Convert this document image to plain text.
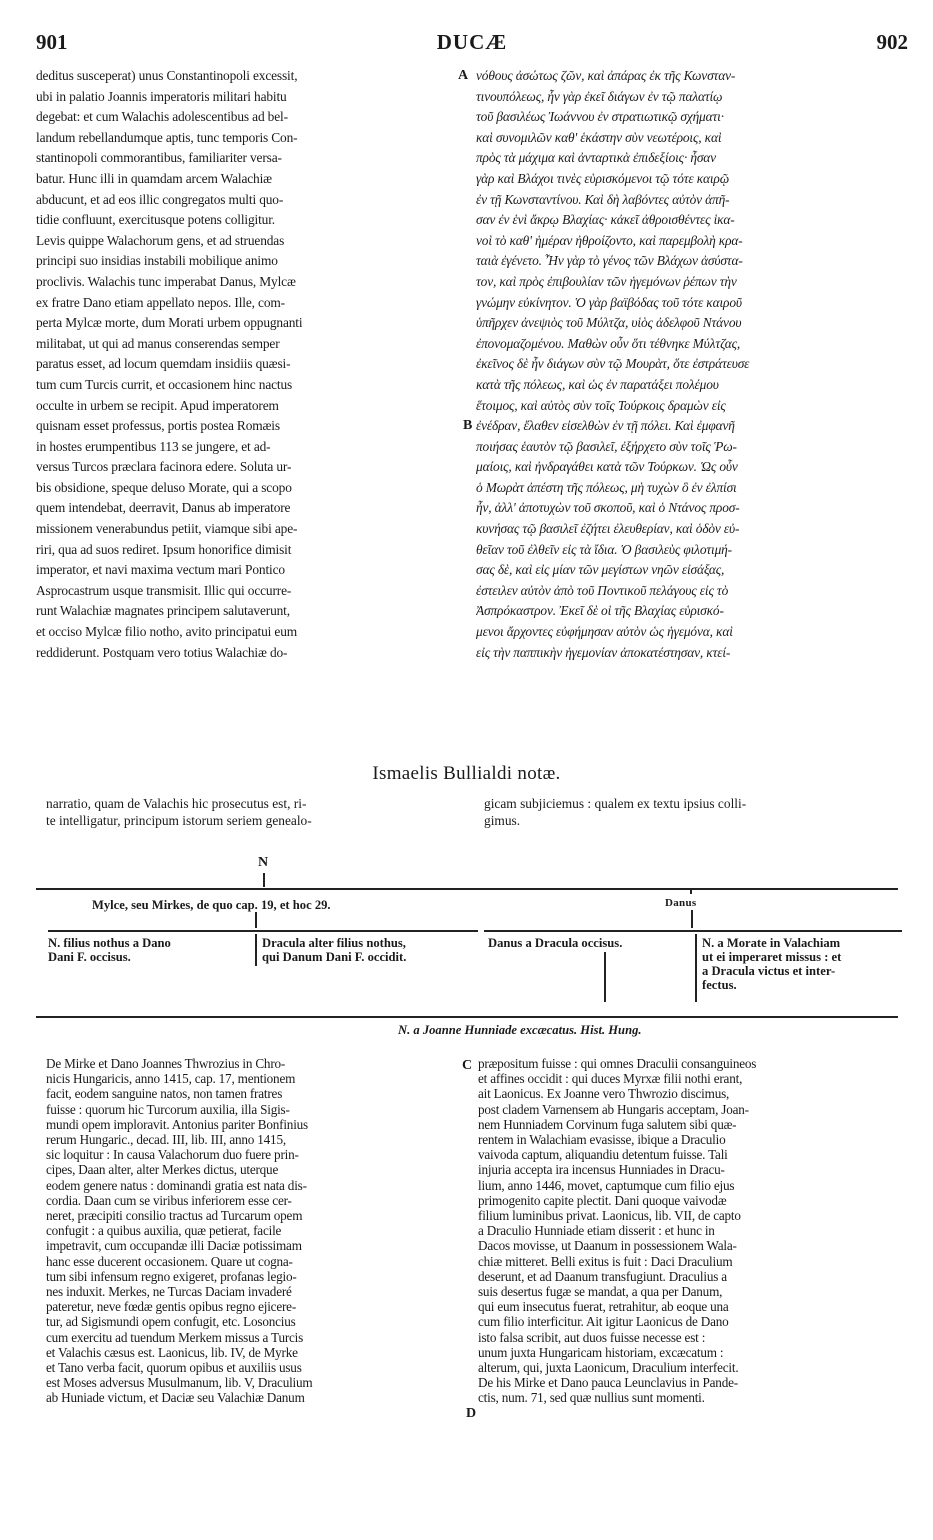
901	DUCÆ	902
deditus susceperat) unus Constantinopoli excessit,
ubi in palatio Joannis imperatoris militari habitu
degebat: et cum Walachis adolescentibus ad bel-
landum rebellandumque aptis, tunc temporis Con-
stantinopoli commorantibus, familiariter versa-
batur. Hunc illi in quamdam arcem Walachiæ
abducunt, et ad eos illic congregatos multi quo-
tidie confluunt, exercitusque potens colligitur.
Levis quippe Walachorum gens, et ad struendas
principi suo insidias instabili mobilique animo
proclivis. Walachis tunc imperabat Danus, Mylcæ
ex fratre Dano etiam appellato nepos. Ille, com-
perta Mylcæ morte, dum Morati urbem oppugnanti
militabat, ut qui ad manus conserendas semper
paratus esset, ad locum quemdam insidiis quæsi-
tum cum Turcis currit, et occasionem hinc nactus
occulte in urbem se recipit. Apud imperatorem
quisnam esset professus, portis postea Romæis
in hostes erumpentibus 113 se jungere, et ad-
versus Turcos præclara facinora edere. Soluta ur-
bis obsidione, speque deluso Morate, qui a scopo
quem intendebat, deerravit, Danus ab imperatore
missionem venerabundus petiit, viamque sibi ape-
riri, qua ad suos rediret. Ipsum honorifice dimisit
imperator, et navi maxima vectum mari Pontico
Asprocastrum usque transmisit. Illic qui occurre-
runt Walachiæ magnates principem salutaverunt,
et occiso Mylcæ filio notho, avito principatui eum
reddiderunt. Postquam vero totius Walachiæ do-
νόθους ἀσώτως ζῶν, καὶ ἀπάρας ἐκ τῆς Κωνσταν-
τινουπόλεως, ἦν γὰρ ἐκεῖ διάγων ἐν τῷ παλατίῳ
τοῦ βασιλέως Ἰωάννου ἐν στρατιωτικῷ σχήματι·
καὶ συνομιλῶν καθ' ἑκάστην σὺν νεωτέροις, καὶ
πρὸς τὰ μάχιμα καὶ ἀνταρτικὰ ἐπιδεξίοις· ἦσαν
γὰρ καὶ Βλάχοι τινὲς εὑρισκόμενοι τῷ τότε καιρῷ
ἐν τῇ Κωνσταντίνου. Καὶ δὴ λαβόντες αὐτὸν ἀπῆ-
σαν ἐν ἑνὶ ἄκρῳ Βλαχίας· κἀκεῖ ἀθροισθέντες ἱκα-
νοὶ τὸ καθ' ἡμέραν ἠθροίζοντο, καὶ παρεμβολὴ κρα-
ταιὰ ἐγένετο. Ἦν γὰρ τὸ γένος τῶν Βλάχων ἀσύστα-
τον, καὶ πρὸς ἐπιβουλίαν τῶν ἡγεμόνων ῥέπων τὴν
γνώμην εὐκίνητον. Ὁ γὰρ βαϊβόδας τοῦ τότε καιροῦ
ὑπῆρχεν ἀνεψιὸς τοῦ Μύλτζα, υἱὸς ἀδελφοῦ Ντάνου
ἐπονομαζομένου. Μαθὼν οὖν ὅτι τέθνηκε Μύλτζας,
ἐκεῖνος δὲ ἦν διάγων σὺν τῷ Μουρὰτ, ὅτε ἐστράτευσε
κατὰ τῆς πόλεως, καὶ ὡς ἐν παρατάξει πολέμου
ἕτοιμος, καὶ αὐτὸς σὺν τοῖς Τούρκοις δραμὼν εἰς
ἐνέδραν, ἔλαθεν εἰσελθὼν ἐν τῇ πόλει. Καὶ ἐμφανῆ
ποιήσας ἑαυτὸν τῷ βασιλεῖ, ἐξήρχετο σὺν τοῖς Ῥω-
μαίοις, καὶ ἠνδραγάθει κατὰ τῶν Τούρκων. Ὡς οὖν
ὁ Μωρὰτ ἀπέστη τῆς πόλεως, μὴ τυχὼν ὃ ἐν ἐλπίσι
ἦν, ἀλλ' ἀποτυχὼν τοῦ σκοποῦ, καὶ ὁ Ντάνος προσ-
κυνήσας τῷ βασιλεῖ ἐζήτει ἐλευθερίαν, καὶ ὁδὸν εὐ-
θεῖαν τοῦ ἐλθεῖν εἰς τὰ ἴδια. Ὁ βασιλεὺς φιλοτιμή-
σας δὲ, καὶ εἰς μίαν τῶν μεγίστων νηῶν εἰσάξας,
ἐστειλεν αὐτὸν ἀπὸ τοῦ Ποντικοῦ πελάγους εἰς τὸ
Ἀσπρόκαστρον. Ἐκεῖ δὲ οἱ τῆς Βλαχίας εὑρισκό-
μενοι ἄρχοντες εὐφήμησαν αὐτὸν ὡς ἡγεμόνα, καὶ
εἰς τὴν παππικὴν ἡγεμονίαν ἀποκατέστησαν, κτεί-
A
B
C
D
Ismaelis Bullialdi notæ.
narratio, quam de Valachis hic prosecutus est, ri-
te intelligatur, principum istorum seriem genealo-
gicam subjiciemus : qualem ex textu ipsius colli-
gimus.
N
Mylce, seu Mirkes, de quo cap. 19, et hoc 29.	Danus
N. filius nothus a Dano
Dani F. occisus.
Dracula alter filius nothus,
qui Danum Dani F. occidit.
Danus a Dracula occisus.	N. a Morate in Valachiam
ut ei imperaret missus : et
a Dracula victus et inter-
fectus.
N. a Joanne Hunniade excæcatus. Hist. Hung.
De Mirke et Dano Joannes Thwrozius in Chro-
nicis Hungaricis, anno 1415, cap. 17, mentionem
facit, eodem sanguine natos, non tamen fratres
fuisse : quorum hic Turcorum auxilia, illa Sigis-
mundi opem imploravit. Antonius pariter Bonfinius
rerum Hungaric., decad. III, lib. III, anno 1415,
sic loquitur : In causa Valachorum duo fuere prin-
cipes, Daan alter, alter Merkes dictus, uterque
eodem genere natus : dominandi gratia est nata dis-
cordia. Daan cum se viribus inferiorem esse cer-
neret, præcipiti consilio tractus ad Turcarum opem
confugit : a quibus auxilia, quæ petierat, facile
impetravit, cum occupandæ illi Daciæ potissimam
hanc esse ducerent occasionem. Quare ut cogna-
tum sibi infensum regno exigeret, profanas legio-
nes induxit. Merkes, ne Turcas Daciam invaderé
pateretur, neve fœdæ gentis opibus regno ejicere-
tur, ad Sigismundi opem confugit, etc. Losoncius
cum exercitu ad tuendum Merkem missus a Turcis
et Valachis cæsus est. Laonicus, lib. IV, de Myrke
et Tano verba facit, quorum opibus et auxiliis usus
est Moses adversus Musulmanum, lib. V, Draculium
ab Huniade victum, et Daciæ seu Valachiæ Danum
præpositum fuisse : qui omnes Draculii consanguineos
et affines occidit : qui duces Myrxæ filii nothi erant,
ait Laonicus. Ex Joanne vero Thwrozio discimus,
post cladem Varnensem ab Hungaris acceptam, Joan-
nem Hunniadem Corvinum fuga salutem sibi quæ-
rentem in Walachiam evasisse, ibique a Draculio
vaivoda captum, aliquandiu detentum fuisse. Tali
injuria accepta ira incensus Hunniades in Dracu-
lium, anno 1446, movet, captumque cum filio ejus
primogenito capite plectit. Dani quoque vaivodæ
filium luminibus privat. Laonicus, lib. VII, de capto
a Draculio Hunniade etiam disserit : et hunc in
Dacos movisse, ut Daanum in possessionem Wala-
chiæ mitteret. Belli exitus is fuit : Daci Draculium
deserunt, et ad Daanum transfugiunt. Draculius a
suis desertus fugæ se mandat, a qua per Danum,
qui eum insecutus fuerat, retrahitur, ab eoque una
cum filio interficitur. Ait igitur Laonicus de Dano
isto falsa scribit, aut duos fuisse necesse est :
unum juxta Hungaricam historiam, excæcatum :
alterum, qui, juxta Laonicum, Draculium interfecit.
De his Mirke et Dano pauca Leunclavius in Pande-
ctis, num. 71, sed quæ nullius sunt momenti.
